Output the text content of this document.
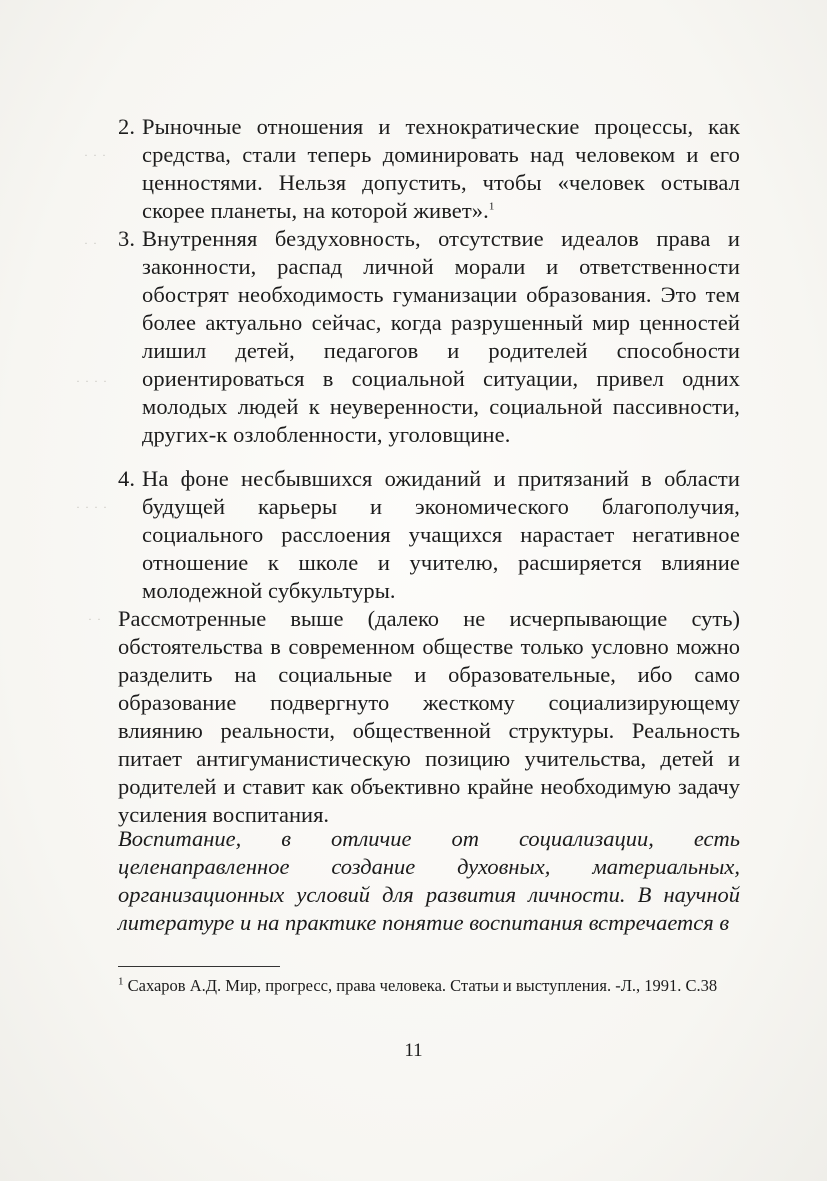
· · ·
· ·
· · · ·
· · · ·
· ·
2. Рыночные отношения и технократические процессы, как средства, стали теперь доминировать над человеком и его ценностями. Нельзя допустить, чтобы «человек остывал скорее планеты, на которой живет».$^1$
3. Внутренняя бездуховность, отсутствие идеалов права и законности, распад личной морали и ответственности обострят необходимость гуманизации образования. Это тем более актуально сейчас, когда разрушенный мир ценностей лишил детей, педагогов и родителей способности ориентироваться в социальной ситуации, привел одних молодых людей к неуверенности, социальной пассивности, других-к озлобленности, уголовщине.
4. На фоне несбывшихся ожиданий и притязаний в области будущей карьеры и экономического благополучия, социального расслоения учащихся нарастает негативное отношение к школе и учителю, расширяется влияние молодежной субкультуры.
Рассмотренные выше (далеко не исчерпывающие суть) обстоятельства в современном обществе только условно можно разделить на социальные и образовательные, ибо само образование подвергнуто жесткому социализирующему влиянию реальности, общественной структуры. Реальность питает антигуманистическую позицию учительства, детей и родителей и ставит как объективно крайне необходимую задачу усиления воспитания.
Воспитание, в отличие от социализации, есть целенаправленное создание духовных, материальных, организационных условий для развития личности. В научной литературе и на практике понятие воспитания встречается в
$^1$ Сахаров А.Д. Мир, прогресс, права человека. Статьи и выступления. -Л., 1991. С.38
11
